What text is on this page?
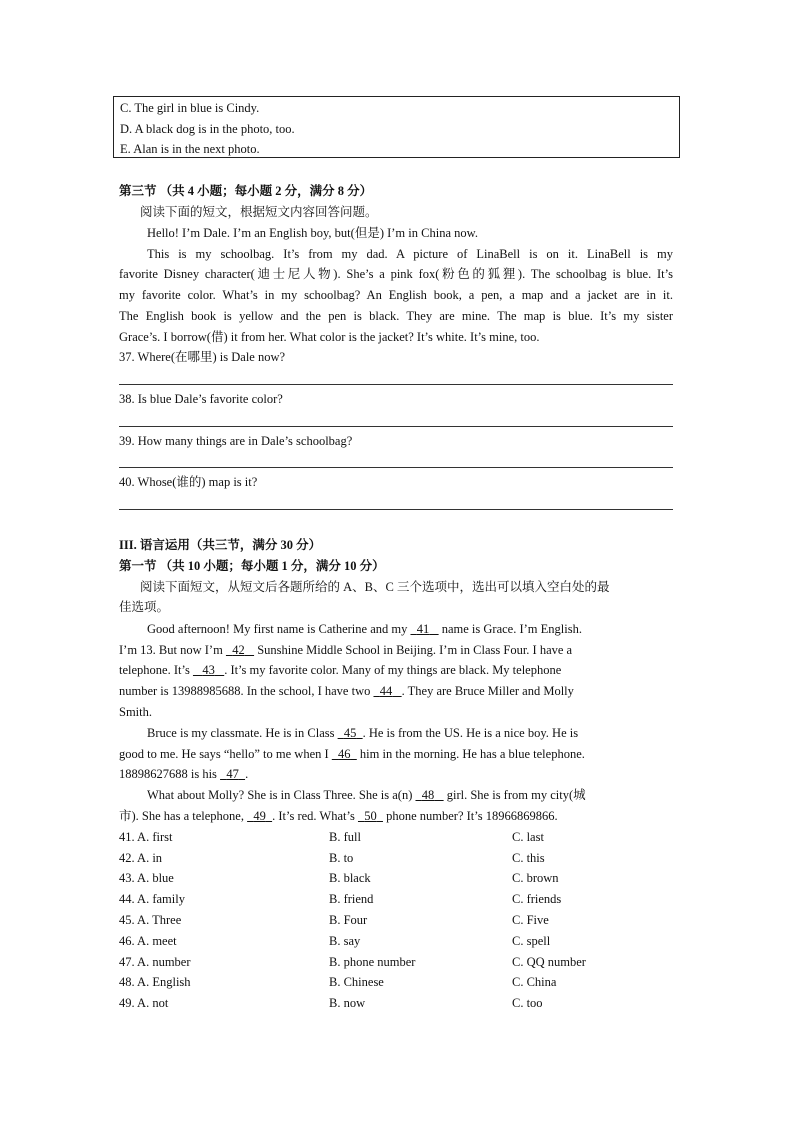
C. The girl in blue is Cindy.
D. A black dog is in the photo, too.
E. Alan is in the next photo.
第三节 （共 4 小题；每小题 2 分，满分 8 分）
阅读下面的短文，根据短文内容回答问题。
Hello! I’m Dale. I’m an English boy, but(但是) I’m in China now.
This is my schoolbag. It’s from my dad. A picture of LinaBell is on it. LinaBell is my
favorite Disney character(迪士尼人物). She’s a pink fox(粉色的狐狸). The schoolbag is blue. It’s
my favorite color. What’s in my schoolbag? An English book, a pen, a map and a jacket are in it.
The English book is yellow and the pen is black. They are mine. The map is blue. It’s my sister
Grace’s. I borrow(借) it from her. What color is the jacket? It’s white. It’s mine, too.
37. Where(在哪里) is Dale now?
38. Is blue Dale’s favorite color?
39. How many things are in Dale’s schoolbag?
40. Whose(谁的) map is it?
III. 语言运用（共三节，满分 30 分）
第一节 （共 10 小题；每小题 1 分，满分 10 分）
阅读下面短文，从短文后各题所给的 A、B、C 三个选项中，选出可以填入空白处的最
佳选项。
Good afternoon! My first name is Catherine and my   41    name is Grace. I’m English.
I’m 13. But now I’m   42    Sunshine Middle School in Beijing. I’m in Class Four. I have a
telephone. It’s    43 . It’s my favorite color. Many of my things are black. My telephone
number is 13988985688. In the school, I have two   44 . They are Bruce Miller and Molly
Smith.
Bruce is my classmate. He is in Class   45 . He is from the US. He is a nice boy. He is
good to me. He says “hello” to me when I   46   him in the morning. He has a blue telephone.
18898627688 is his   47 .
What about Molly? She is in Class Three. She is a(n)   48    girl. She is from my city(城
市). She has a telephone,   49 . It’s red. What’s   50   phone number? It’s 18966869866.
41. A. first	B. full	C. last
42. A. in	B. to	C. this
43. A. blue	B. black	C. brown
44. A. family	B. friend	C. friends
45. A. Three	B. Four	C. Five
46. A. meet	B. say	C. spell
47. A. number	B. phone number	C. QQ number
48. A. English	B. Chinese	C. China
49. A. not	B. now	C. too
